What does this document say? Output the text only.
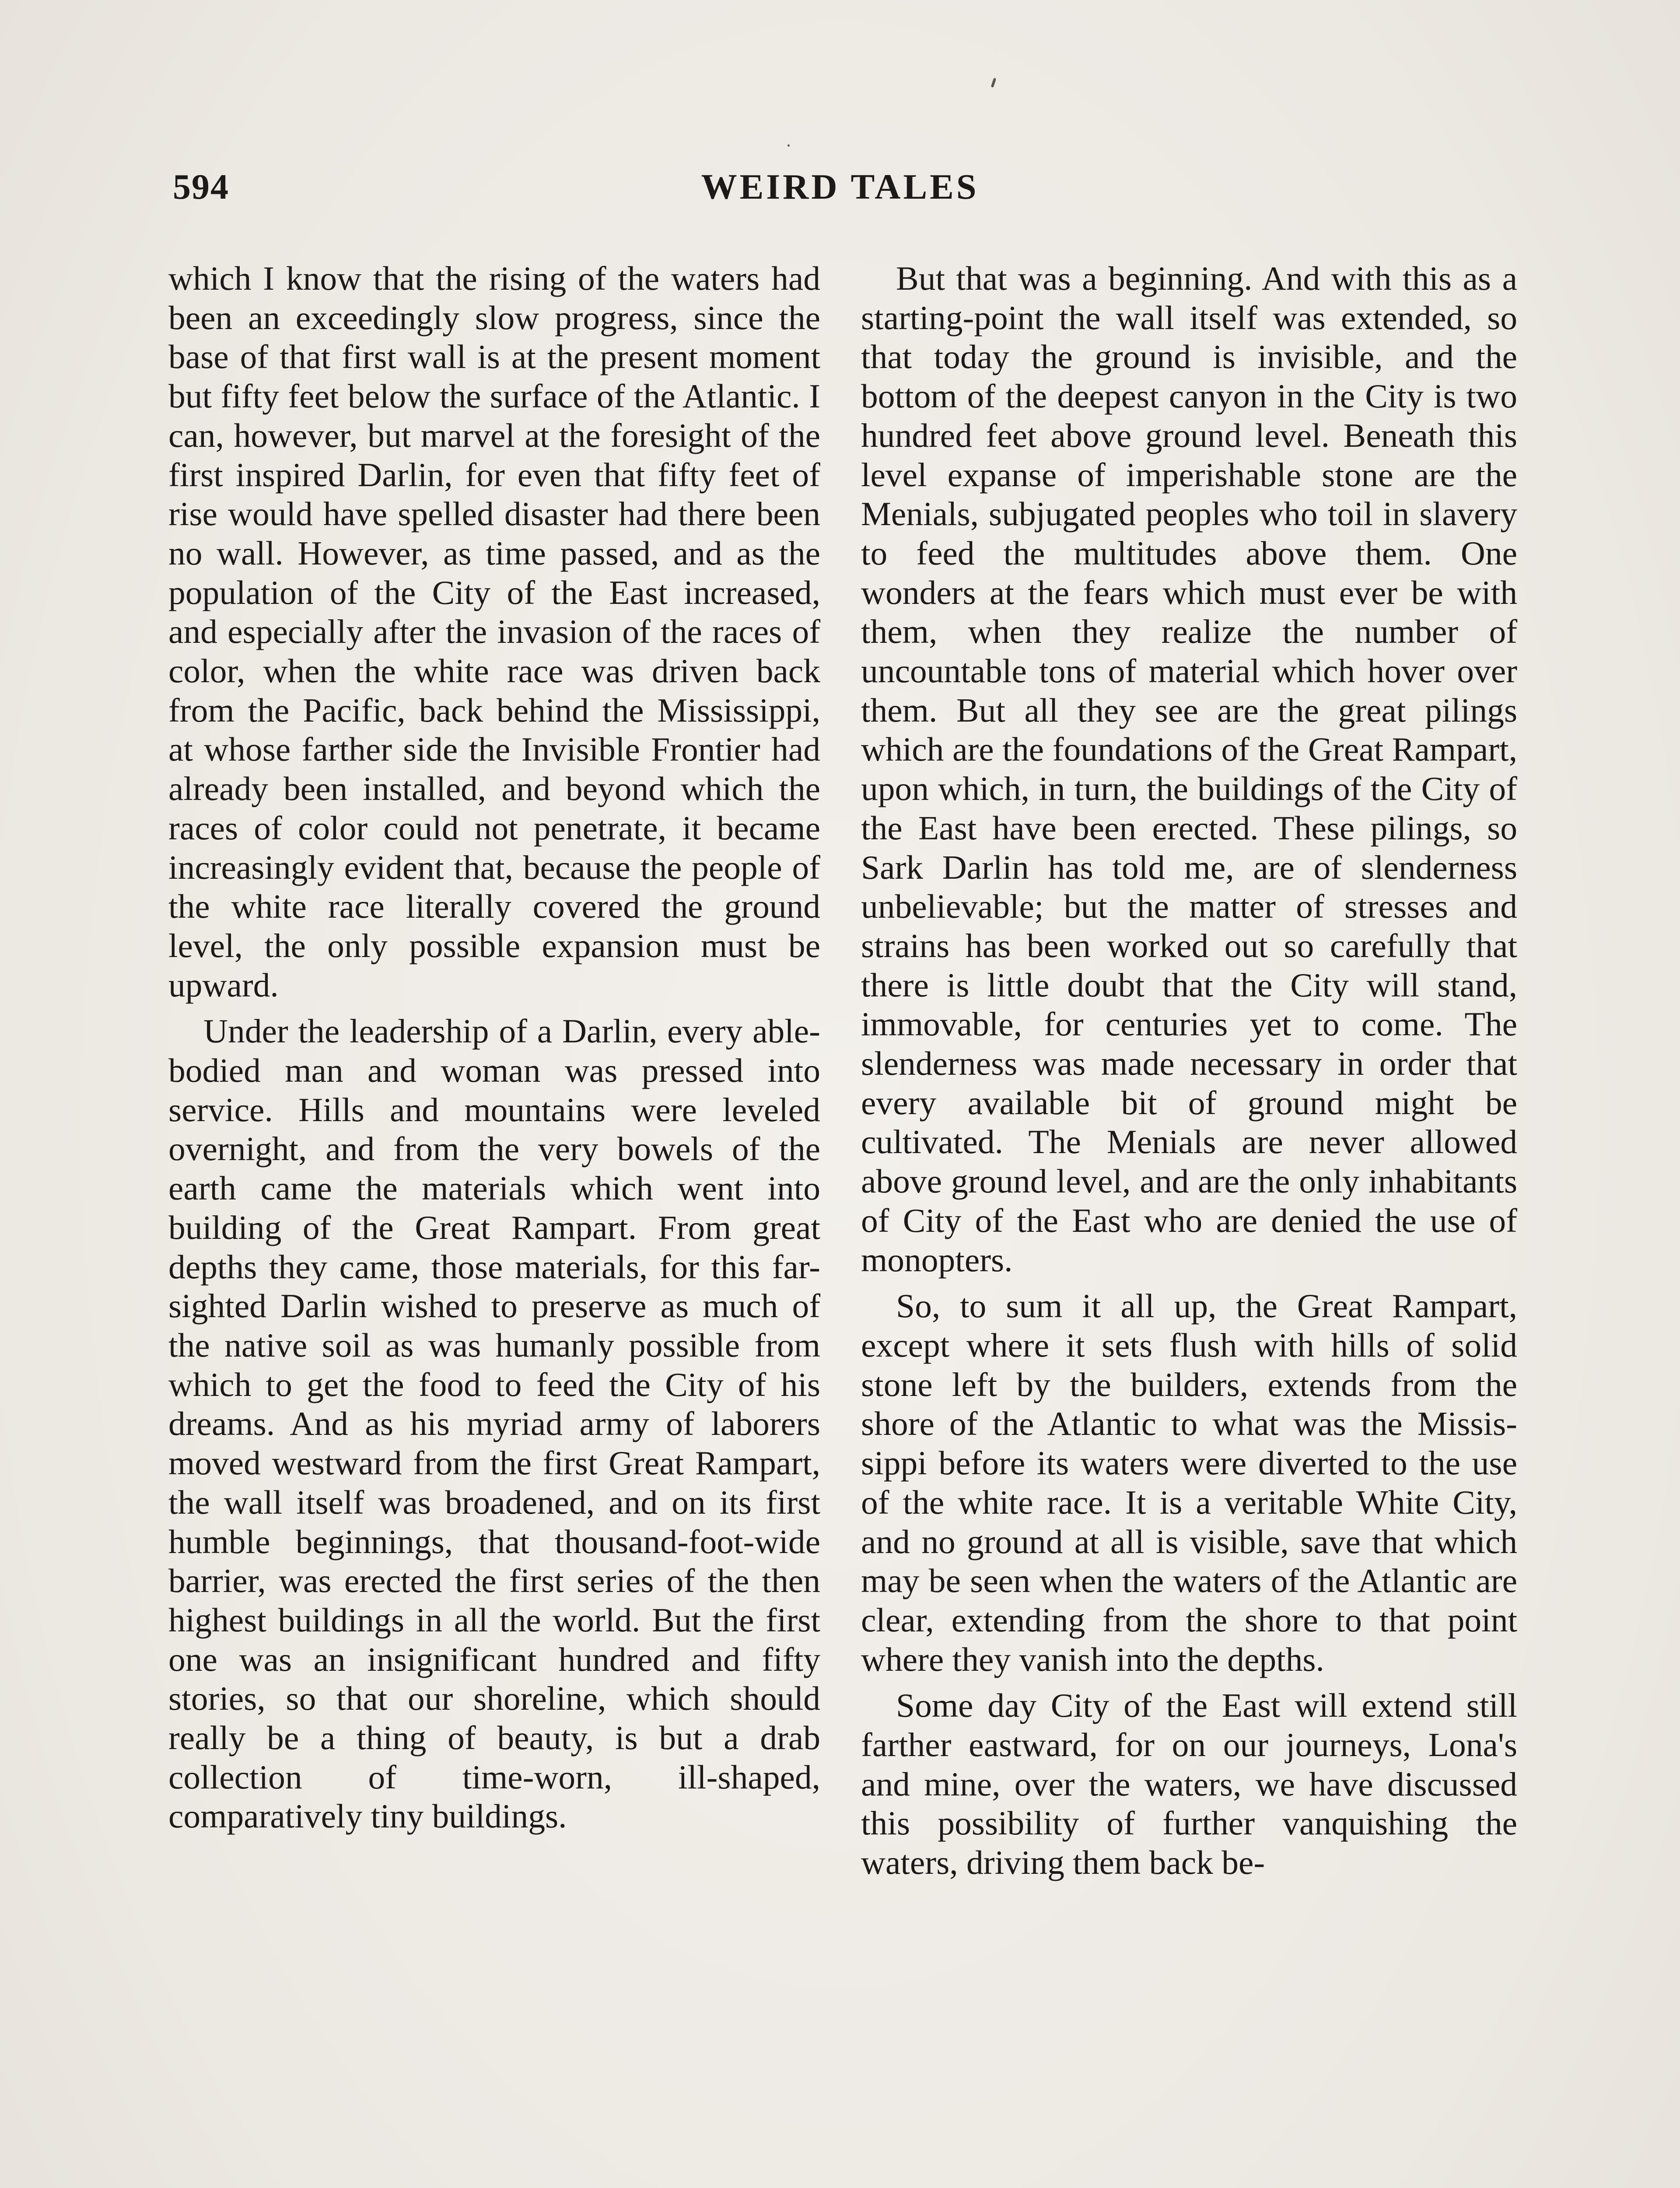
594	WEIRD TALES

which I know that the rising of the waters had been an exceedingly slow progress, since the base of that first wall is at the present moment but fifty feet below the surface of the Atlantic. I can, however, but marvel at the foresight of the first inspired Darlin, for even that fifty feet of rise would have spelled disaster had there been no wall. However, as time passed, and as the population of the City of the East increased, and especially after the invasion of the races of color, when the white race was driven back from the Pacific, back behind the Mississippi, at whose farther side the Invisible Frontier had already been installed, and beyond which the races of color could not penetrate, it became increasingly evident that, because the people of the white race literally covered the ground level, the only possible expansion must be upward.

Under the leadership of a Darlin, every able-bodied man and woman was pressed into service. Hills and mountains were leveled overnight, and from the very bowels of the earth came the materials which went into building of the Great Rampart. From great depths they came, those materials, for this far-sighted Darlin wished to preserve as much of the native soil as was humanly possible from which to get the food to feed the City of his dreams. And as his myriad army of laborers moved westward from the first Great Rampart, the wall itself was broadened, and on its first humble beginnings, that thousand-foot-wide barrier, was erected the first series of the then highest buildings in all the world. But the first one was an insignificant hundred and fifty stories, so that our shoreline, which should really be a thing of beauty, is but a drab collection of time-worn, ill-shaped, comparatively tiny buildings.

But that was a beginning. And with this as a starting-point the wall itself was extended, so that today the ground is invisible, and the bottom of the deepest canyon in the City is two hundred feet above ground level. Beneath this level expanse of imperishable stone are the Menials, subjugated peoples who toil in slavery to feed the multitudes above them. One wonders at the fears which must ever be with them, when they realize the number of uncountable tons of material which hover over them. But all they see are the great pilings which are the foundations of the Great Rampart, upon which, in turn, the buildings of the City of the East have been erected. These pilings, so Sark Darlin has told me, are of slenderness unbelievable; but the matter of stresses and strains has been worked out so carefully that there is little doubt that the City will stand, immovable, for centuries yet to come. The slenderness was made necessary in order that every available bit of ground might be cultivated. The Menials are never allowed above ground level, and are the only inhabitants of City of the East who are denied the use of monopters.

So, to sum it all up, the Great Rampart, except where it sets flush with hills of solid stone left by the builders, extends from the shore of the Atlantic to what was the Missis-sippi before its waters were diverted to the use of the white race. It is a veritable White City, and no ground at all is visible, save that which may be seen when the waters of the Atlantic are clear, extending from the shore to that point where they vanish into the depths.

Some day City of the East will extend still farther eastward, for on our journeys, Lona's and mine, over the waters, we have discussed this possibility of further vanquishing the waters, driving them back be-
